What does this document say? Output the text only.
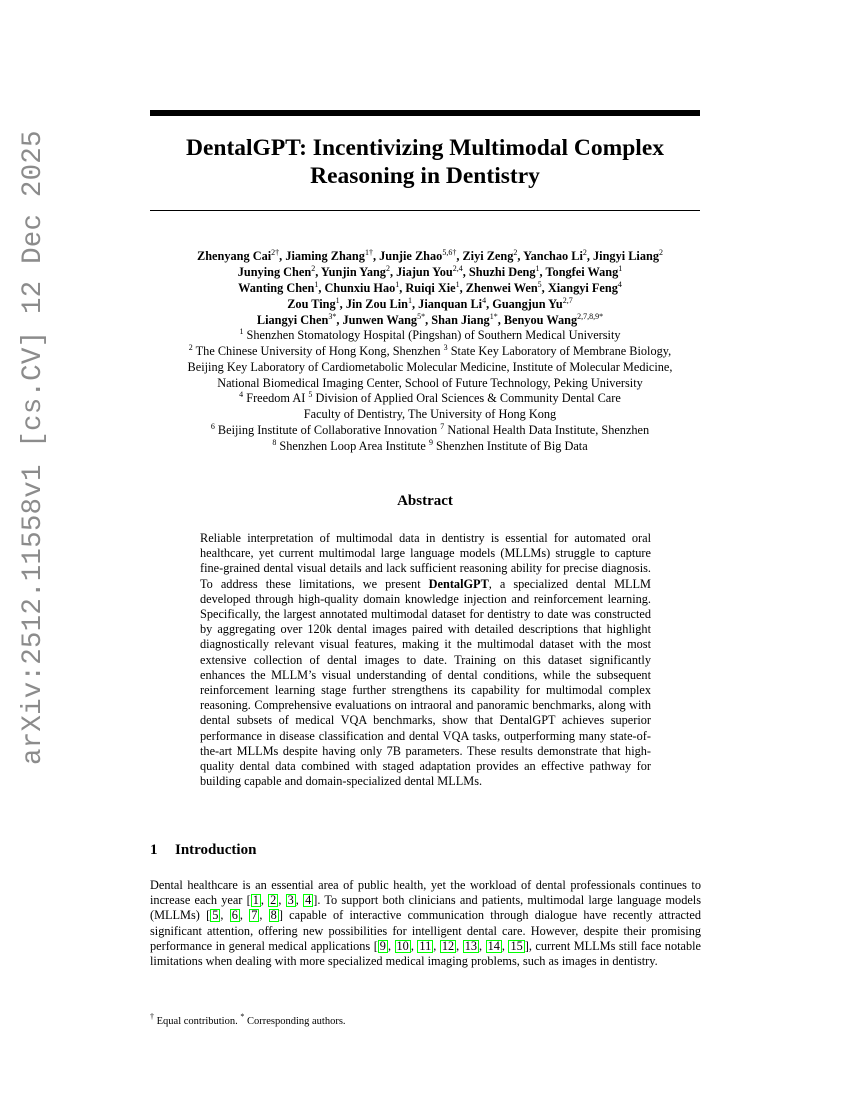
arXiv:2512.11558v1 [cs.CV] 12 Dec 2025	DentalGPT: Incentivizing Multimodal Complex
Reasoning in Dentistry
Zhenyang Cai$^{2\dagger}$, Jiaming Zhang$^{1\dagger}$, Junjie Zhao$^{5,6\dagger}$, Ziyi Zeng$^2$, Yanchao Li$^2$, Jingyi Liang$^2$
Junying Chen$^2$, Yunjin Yang$^2$, Jiajun You$^{2,4}$, Shuzhi Deng$^1$, Tongfei Wang$^1$
Wanting Chen$^1$, Chunxiu Hao$^1$, Ruiqi Xie$^1$, Zhenwei Wen$^5$, Xiangyi Feng$^4$
Zou Ting$^1$, Jin Zou Lin$^1$, Jianquan Li$^4$, Guangjun Yu$^{2,7}$
Liangyi Chen$^{3*}$, Junwen Wang$^{5*}$, Shan Jiang$^{1*}$, Benyou Wang$^{2,7,8,9*}$
$^1$ Shenzhen Stomatology Hospital (Pingshan) of Southern Medical University
$^2$ The Chinese University of Hong Kong, Shenzhen $^3$ State Key Laboratory of Membrane Biology,
Beijing Key Laboratory of Cardiometabolic Molecular Medicine, Institute of Molecular Medicine,
National Biomedical Imaging Center, School of Future Technology, Peking University
$^4$ Freedom AI $^5$ Division of Applied Oral Sciences & Community Dental Care
Faculty of Dentistry, The University of Hong Kong
$^6$ Beijing Institute of Collaborative Innovation $^7$ National Health Data Institute, Shenzhen
$^8$ Shenzhen Loop Area Institute $^9$ Shenzhen Institute of Big Data
Abstract
Reliable interpretation of multimodal data in dentistry is essential for automated oral healthcare, yet current multimodal large language models (MLLMs) struggle to capture fine-grained dental visual details and lack sufficient reasoning ability for precise diagnosis. To address these limitations, we present DentalGPT, a specialized dental MLLM developed through high-quality domain knowledge injection and reinforcement learning. Specifically, the largest annotated multimodal dataset for dentistry to date was constructed by aggregating over 120k dental images paired with detailed descriptions that highlight diagnostically relevant visual features, making it the multimodal dataset with the most extensive collection of dental images to date. Training on this dataset significantly enhances the MLLM’s visual understanding of dental conditions, while the subsequent reinforcement learning stage further strengthens its capability for multimodal complex reasoning. Comprehensive evaluations on intraoral and panoramic benchmarks, along with dental subsets of medical VQA benchmarks, show that DentalGPT achieves superior performance in disease classification and dental VQA tasks, outperforming many state-of-the-art MLLMs despite having only 7B parameters. These results demonstrate that high-quality dental data combined with staged adaptation provides an effective pathway for building capable and domain-specialized dental MLLMs.
1 Introduction
Dental healthcare is an essential area of public health, yet the workload of dental professionals continues to increase each year [ 1 , 2 , 3 , 4 ]. To support both clinicians and patients, multimodal large language models (MLLMs) [ 5 , 6 , 7 , 8 ] capable of interactive communication through dialogue have recently attracted significant attention, offering new possibilities for intelligent dental care. However, despite their promising performance in general medical applications [ 9 , 10 , 11 , 12 , 13 , 14 , 15 ], current MLLMs still face notable limitations when dealing with more specialized medical imaging problems, such as images in dentistry.
† Equal contribution. * Corresponding authors.
